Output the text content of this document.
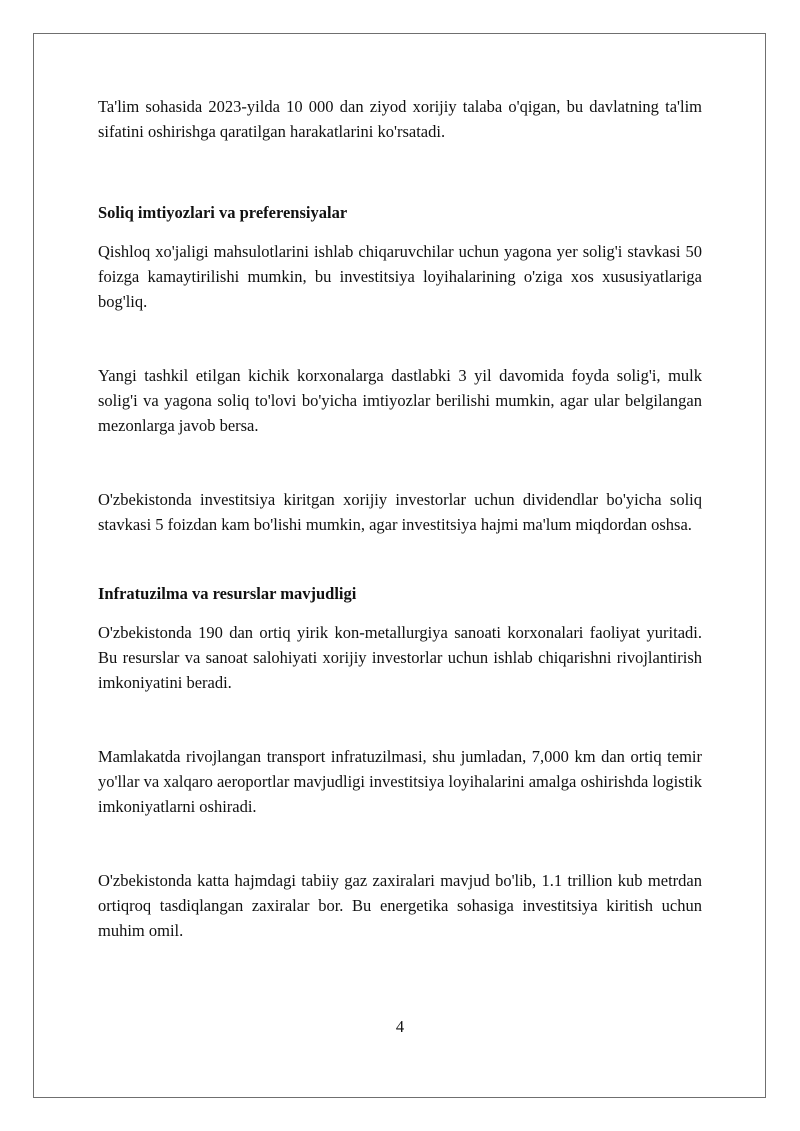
Ta'lim sohasida 2023-yilda 10 000 dan ziyod xorijiy talaba o'qigan, bu davlatning ta'lim sifatini oshirishga qaratilgan harakatlarini ko'rsatadi.

Soliq imtiyozlari va preferensiyalar

Qishloq xo'jaligi mahsulotlarini ishlab chiqaruvchilar uchun yagona yer solig'i stavkasi 50 foizga kamaytirilishi mumkin, bu investitsiya loyihalarining o'ziga xos xususiyatlariga bog'liq.

Yangi tashkil etilgan kichik korxonalarga dastlabki 3 yil davomida foyda solig'i, mulk solig'i va yagona soliq to'lovi bo'yicha imtiyozlar berilishi mumkin, agar ular belgilangan mezonlarga javob bersa.

O'zbekistonda investitsiya kiritgan xorijiy investorlar uchun dividendlar bo'yicha soliq stavkasi 5 foizdan kam bo'lishi mumkin, agar investitsiya hajmi ma'lum miqdordan oshsa.

Infratuzilma va resurslar mavjudligi

O'zbekistonda 190 dan ortiq yirik kon-metallurgiya sanoati korxonalari faoliyat yuritadi. Bu resurslar va sanoat salohiyati xorijiy investorlar uchun ishlab chiqarishni rivojlantirish imkoniyatini beradi.

Mamlakatda rivojlangan transport infratuzilmasi, shu jumladan, 7,000 km dan ortiq temir yo'llar va xalqaro aeroportlar mavjudligi investitsiya loyihalarini amalga oshirishda logistik imkoniyatlarni oshiradi.

O'zbekistonda katta hajmdagi tabiiy gaz zaxiralari mavjud bo'lib, 1.1 trillion kub metrdan ortiqroq tasdiqlangan zaxiralar bor. Bu energetika sohasiga investitsiya kiritish uchun muhim omil.

4
